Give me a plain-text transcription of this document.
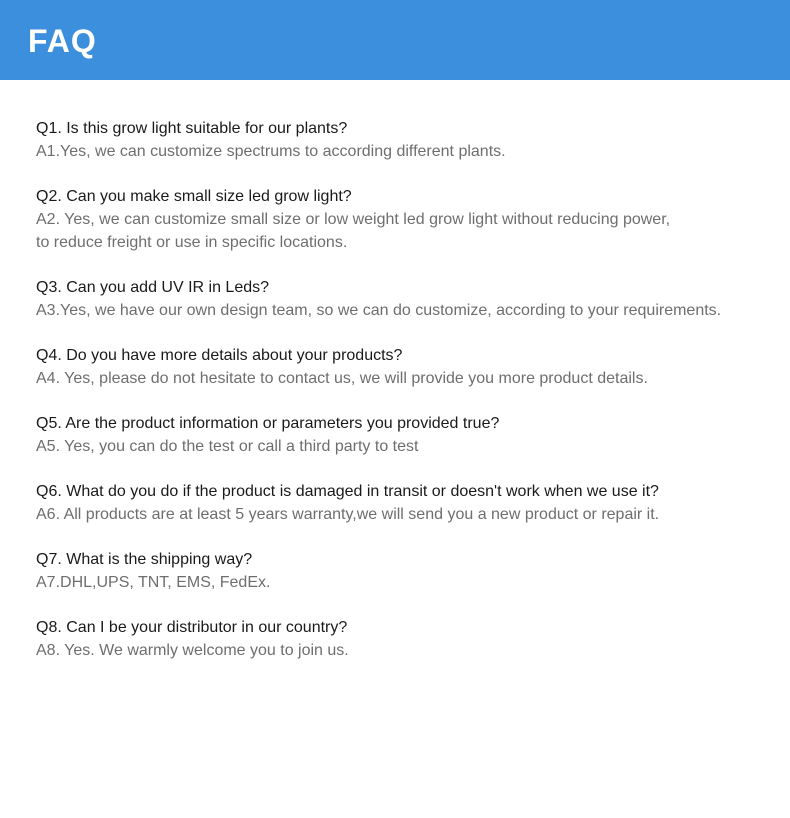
FAQ
Q1. Is this grow light suitable for our plants?
A1.Yes, we can customize spectrums to according different plants.
Q2. Can you make small size led grow light?
A2. Yes, we can customize small size or low weight led grow light without reducing power,
to reduce freight or use in specific locations.
Q3. Can you add UV IR in Leds?
A3.Yes, we have our own design team, so we can do customize, according to your requirements.
Q4. Do you have more details about your products?
A4. Yes, please do not hesitate to contact us, we will provide you more product details.
Q5. Are the product information or parameters you provided true?
A5. Yes, you can do the test or call a third party to test
Q6. What do you do if the product is damaged in transit or doesn't work when we use it?
A6. All products are at least 5 years warranty,we will send you a new product or repair it.
Q7. What is the shipping way?
A7.DHL,UPS, TNT, EMS, FedEx.
Q8. Can I be your distributor in our country?
A8. Yes. We warmly welcome you to join us.
